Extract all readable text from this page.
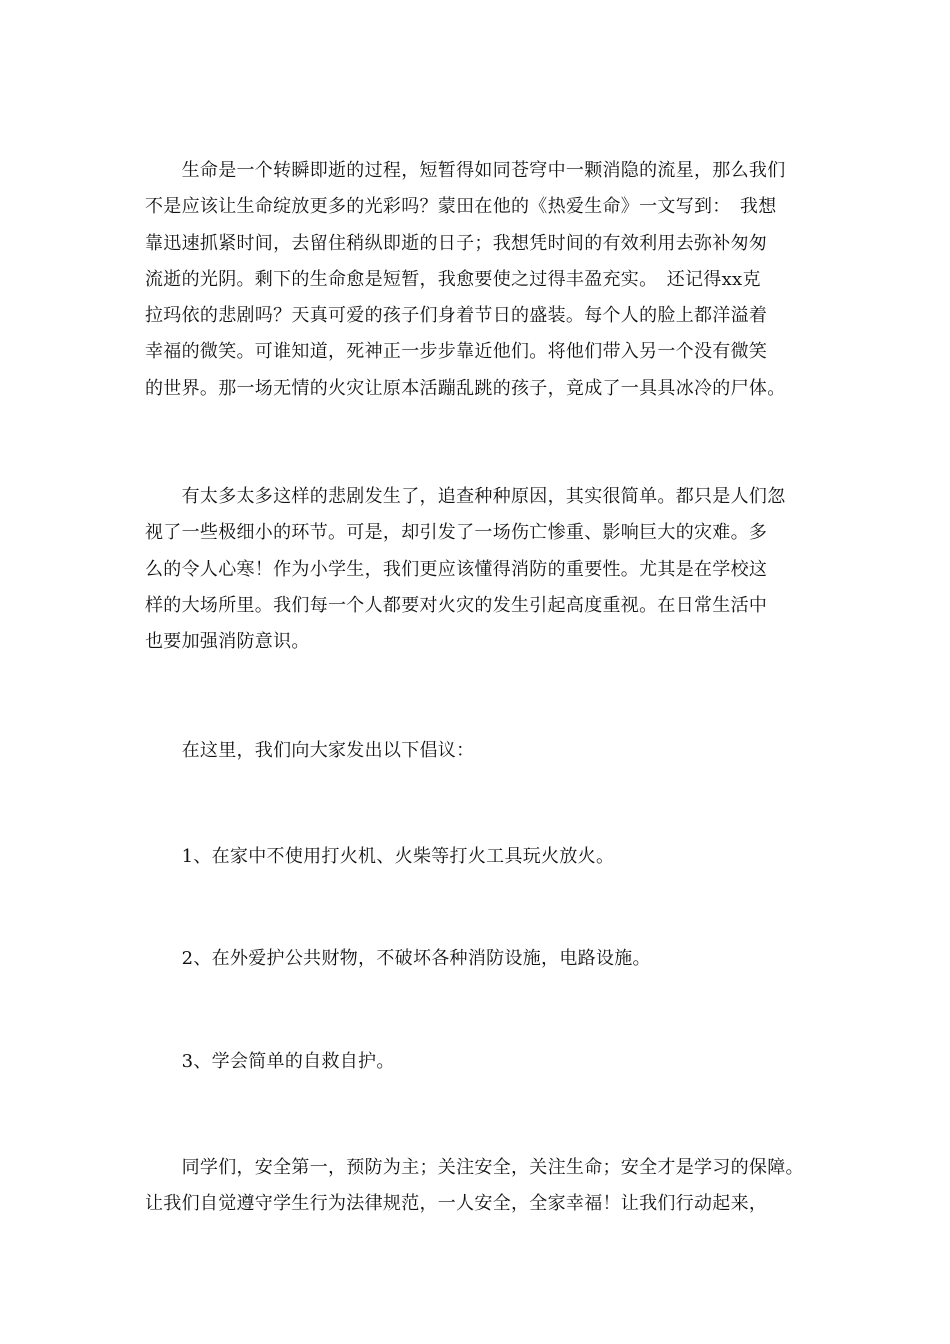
　　生命是一个转瞬即逝的过程，短暂得如同苍穹中一颗消隐的流星，那么我们
不是应该让生命绽放更多的光彩吗？蒙田在他的《热爱生命》一文写到：　我想
靠迅速抓紧时间，去留住稍纵即逝的日子；我想凭时间的有效利用去弥补匆匆
流逝的光阴。剩下的生命愈是短暂，我愈要使之过得丰盈充实。　还记得xx克
拉玛依的悲剧吗？天真可爱的孩子们身着节日的盛装。每个人的脸上都洋溢着
幸福的微笑。可谁知道，死神正一步步靠近他们。将他们带入另一个没有微笑
的世界。那一场无情的火灾让原本活蹦乱跳的孩子，竟成了一具具冰冷的尸体。
　　有太多太多这样的悲剧发生了，追查种种原因，其实很简单。都只是人们忽
视了一些极细小的环节。可是，却引发了一场伤亡惨重、影响巨大的灾难。多
么的令人心寒！作为小学生，我们更应该懂得消防的重要性。尤其是在学校这
样的大场所里。我们每一个人都要对火灾的发生引起高度重视。在日常生活中
也要加强消防意识。
　　在这里，我们向大家发出以下倡议：
　　1、在家中不使用打火机、火柴等打火工具玩火放火。
　　2、在外爱护公共财物，不破坏各种消防设施，电路设施。
　　3、学会简单的自救自护。
　　同学们，安全第一，预防为主；关注安全，关注生命；安全才是学习的保障。
让我们自觉遵守学生行为法律规范，一人安全，全家幸福！让我们行动起来，
